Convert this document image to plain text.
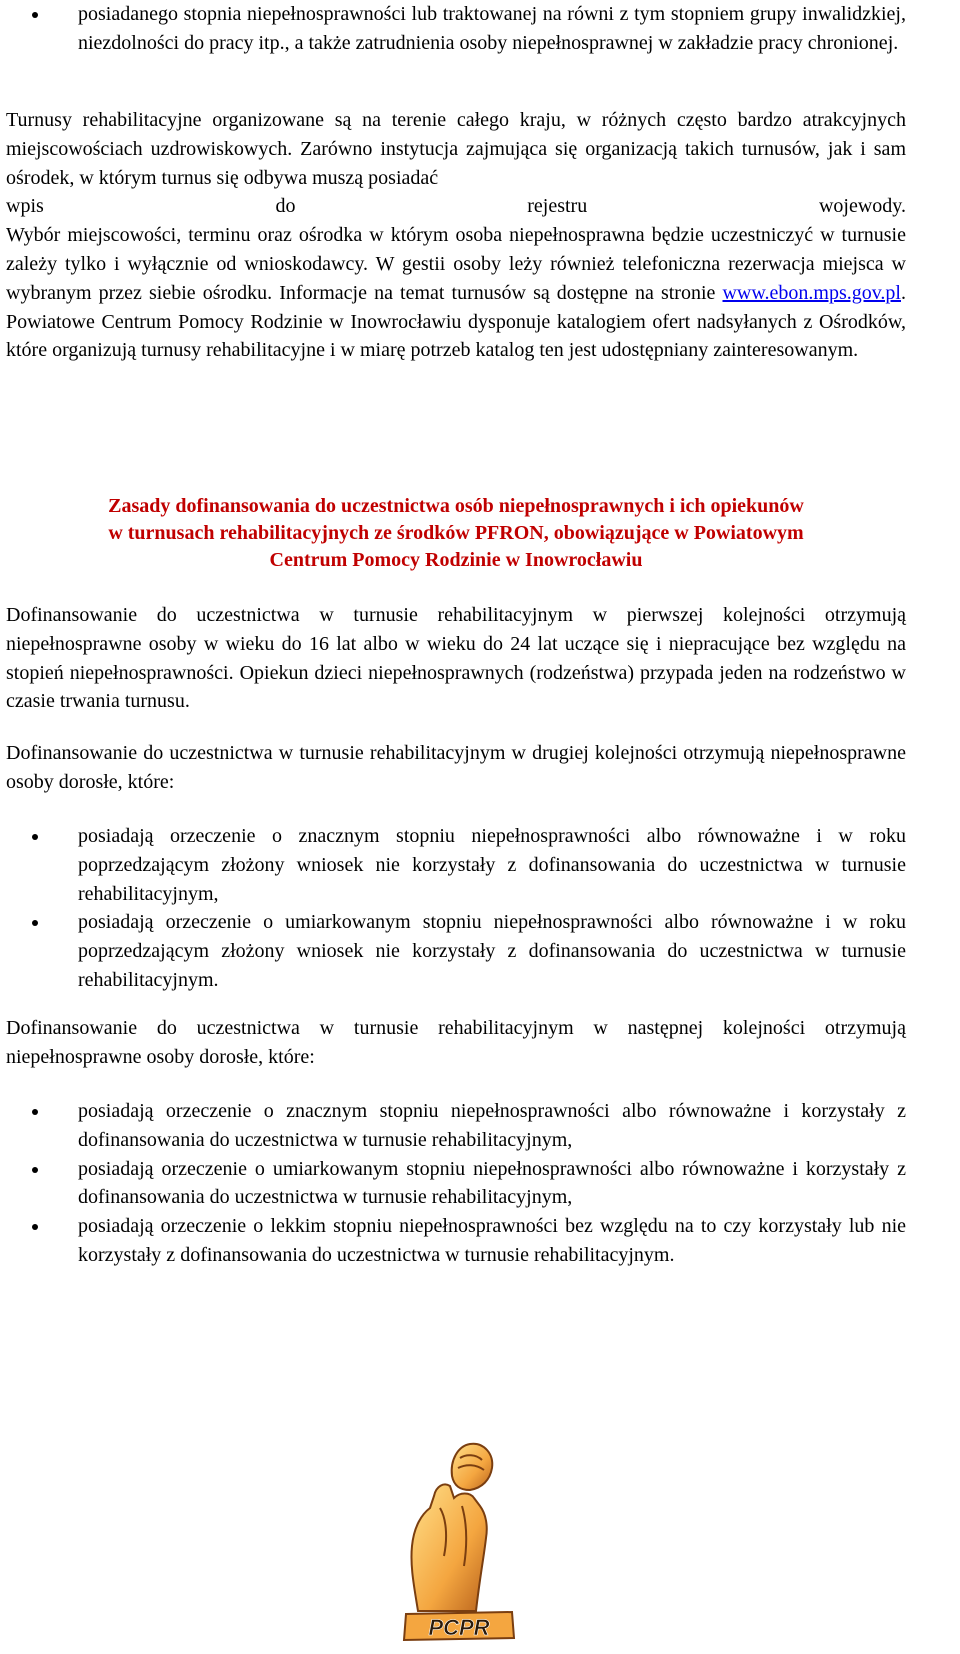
posiadanego stopnia niepełnosprawności lub traktowanej na równi z tym stopniem grupy inwalidzkiej, niezdolności do pracy itp., a także zatrudnienia osoby niepełnosprawnej w zakładzie pracy chronionej.

Turnusy rehabilitacyjne organizowane są na terenie całego kraju, w różnych często bardzo atrakcyjnych miejscowościach uzdrowiskowych. Zarówno instytucja zajmująca się organizacją takich turnusów, jak i sam ośrodek, w którym turnus się odbywa muszą posiadać

wpis	do	rejestru	wojewody.

Wybór miejscowości, terminu oraz ośrodka w którym osoba niepełnosprawna będzie uczestniczyć w turnusie zależy tylko i wyłącznie od wnioskodawcy. W gestii osoby leży również telefoniczna rezerwacja miejsca w wybranym przez siebie ośrodku. Informacje na temat turnusów są dostępne na stronie www.ebon.mps.gov.pl. Powiatowe Centrum Pomocy Rodzinie w Inowrocławiu dysponuje katalogiem ofert nadsyłanych z Ośrodków, które organizują turnusy rehabilitacyjne i w miarę potrzeb katalog ten jest udostępniany zainteresowanym.

Zasady dofinansowania do uczestnictwa osób niepełnosprawnych i ich opiekunów

w turnusach rehabilitacyjnych ze środków PFRON, obowiązujące w Powiatowym

Centrum Pomocy Rodzinie w Inowrocławiu

Dofinansowanie do uczestnictwa w turnusie rehabilitacyjnym w pierwszej kolejności otrzymują niepełnosprawne osoby w wieku do 16 lat albo w wieku do 24 lat uczące się i niepracujące bez względu na stopień niepełnosprawności. Opiekun dzieci niepełnosprawnych (rodzeństwa) przypada jeden na rodzeństwo w czasie trwania turnusu.

Dofinansowanie do uczestnictwa w turnusie rehabilitacyjnym w drugiej kolejności otrzymują niepełnosprawne osoby dorosłe, które:

posiadają orzeczenie o znacznym stopniu niepełnosprawności albo równoważne i w roku poprzedzającym złożony wniosek nie korzystały z dofinansowania do uczestnictwa w turnusie rehabilitacyjnym,
posiadają orzeczenie o umiarkowanym stopniu niepełnosprawności albo równoważne i w roku poprzedzającym złożony wniosek nie korzystały z dofinansowania do uczestnictwa w turnusie rehabilitacyjnym.

Dofinansowanie do uczestnictwa w turnusie rehabilitacyjnym w następnej kolejności otrzymują niepełnosprawne osoby dorosłe, które:

posiadają orzeczenie o znacznym stopniu niepełnosprawności albo równoważne i korzystały z dofinansowania do uczestnictwa w turnusie rehabilitacyjnym,
posiadają orzeczenie o umiarkowanym stopniu niepełnosprawności albo równoważne i korzystały z dofinansowania do uczestnictwa w turnusie rehabilitacyjnym,
posiadają orzeczenie o lekkim stopniu niepełnosprawności bez względu na to czy korzystały lub nie korzystały z dofinansowania do uczestnictwa w turnusie rehabilitacyjnym.
PCPR
